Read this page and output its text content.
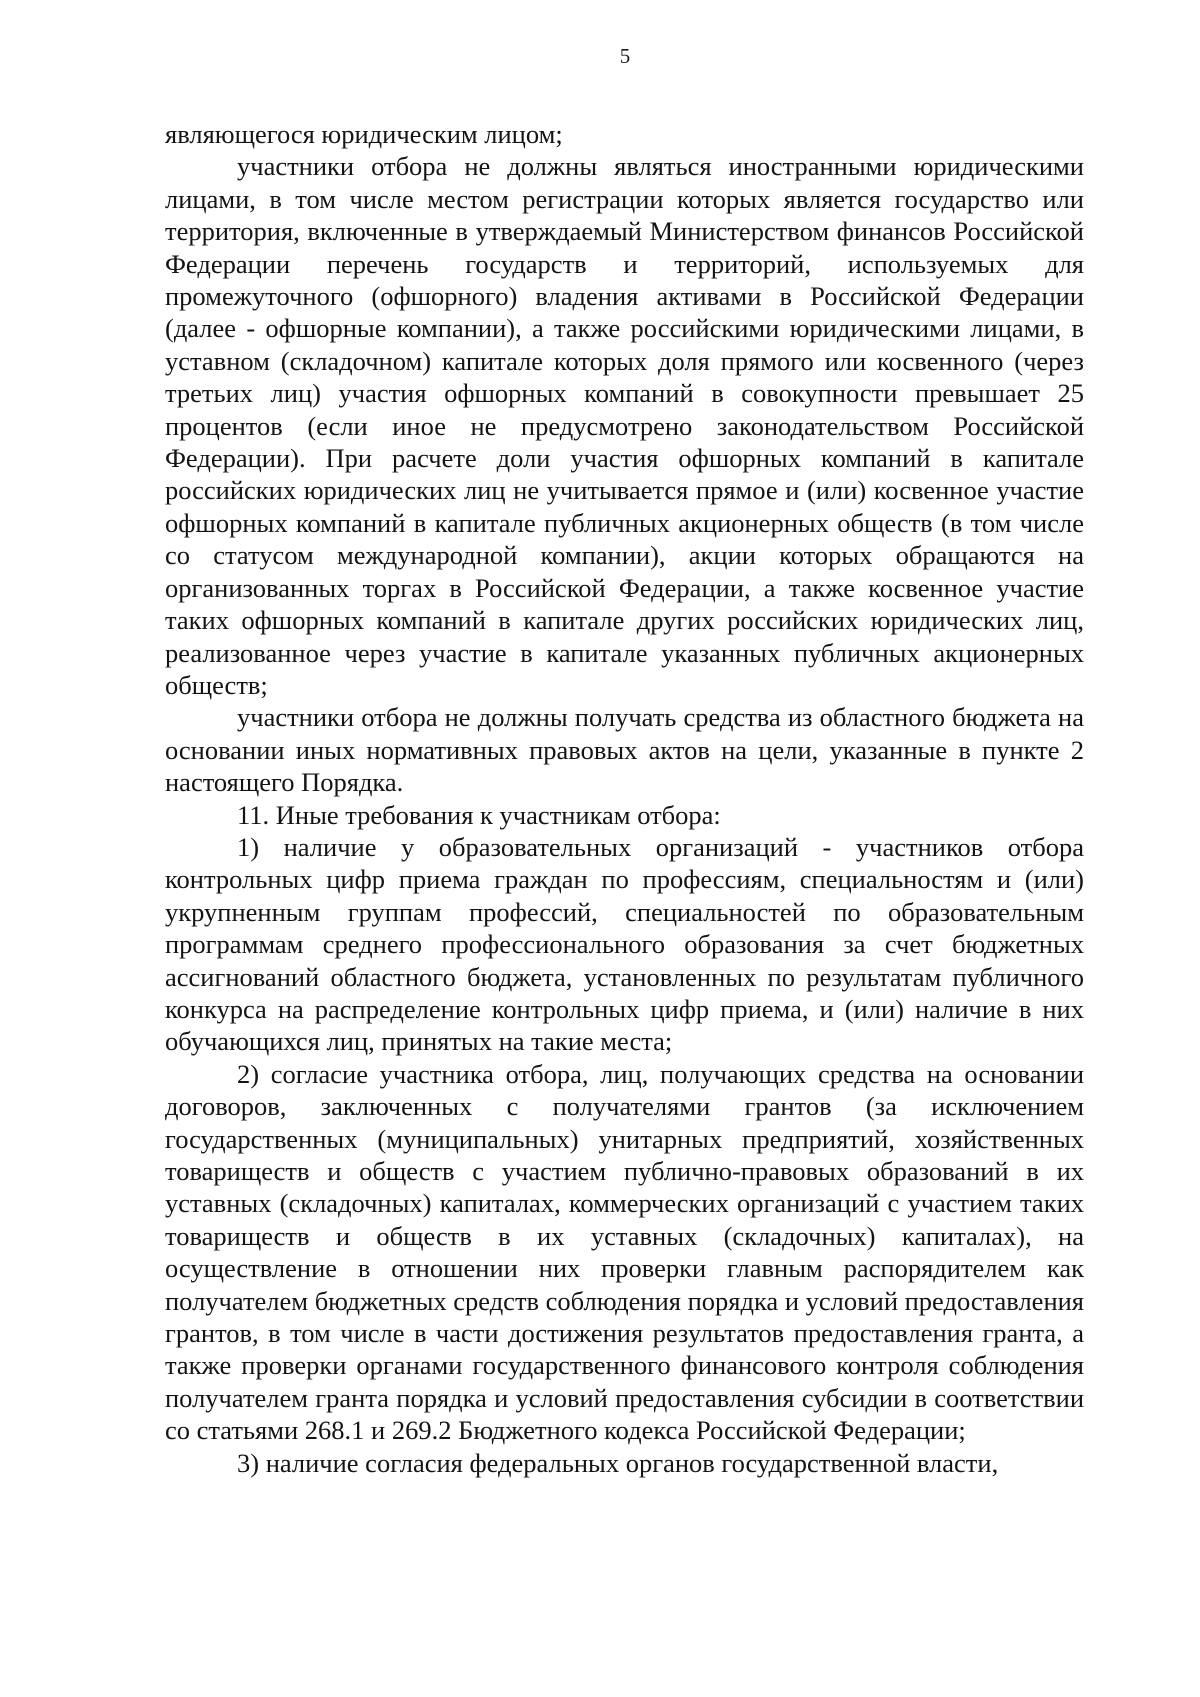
5

являющегося юридическим лицом;

участники отбора не должны являться иностранными юридическими лицами, в том числе местом регистрации которых является государство или территория, включенные в утверждаемый Министерством финансов Российской Федерации перечень государств и территорий, используемых для промежуточного (офшорного) владения активами в Российской Федерации (далее - офшорные компании), а также российскими юридическими лицами, в уставном (складочном) капитале которых доля прямого или косвенного (через третьих лиц) участия офшорных компаний в совокупности превышает 25 процентов (если иное не предусмотрено законодательством Российской Федерации). При расчете доли участия офшорных компаний в капитале российских юридических лиц не учитывается прямое и (или) косвенное участие офшорных компаний в капитале публичных акционерных обществ (в том числе со статусом международной компании), акции которых обращаются на организованных торгах в Российской Федерации, а также косвенное участие таких офшорных компаний в капитале других российских юридических лиц, реализованное через участие в капитале указанных публичных акционерных обществ;

участники отбора не должны получать средства из областного бюджета на основании иных нормативных правовых актов на цели, указанные в пункте 2 настоящего Порядка.

11. Иные требования к участникам отбора:

1) наличие у образовательных организаций - участников отбора контрольных цифр приема граждан по профессиям, специальностям и (или) укрупненным группам профессий, специальностей по образовательным программам среднего профессионального образования за счет бюджетных ассигнований областного бюджета, установленных по результатам публичного конкурса на распределение контрольных цифр приема, и (или) наличие в них обучающихся лиц, принятых на такие места;

2) согласие участника отбора, лиц, получающих средства на основании договоров, заключенных с получателями грантов (за исключением государственных (муниципальных) унитарных предприятий, хозяйственных товариществ и обществ с участием публично-правовых образований в их уставных (складочных) капиталах, коммерческих организаций с участием таких товариществ и обществ в их уставных (складочных) капиталах), на осуществление в отношении них проверки главным распорядителем как получателем бюджетных средств соблюдения порядка и условий предоставления грантов, в том числе в части достижения результатов предоставления гранта, а также проверки органами государственного финансового контроля соблюдения получателем гранта порядка и условий предоставления субсидии в соответствии со статьями 268.1 и 269.2 Бюджетного кодекса Российской Федерации;

3) наличие согласия федеральных органов государственной власти,
